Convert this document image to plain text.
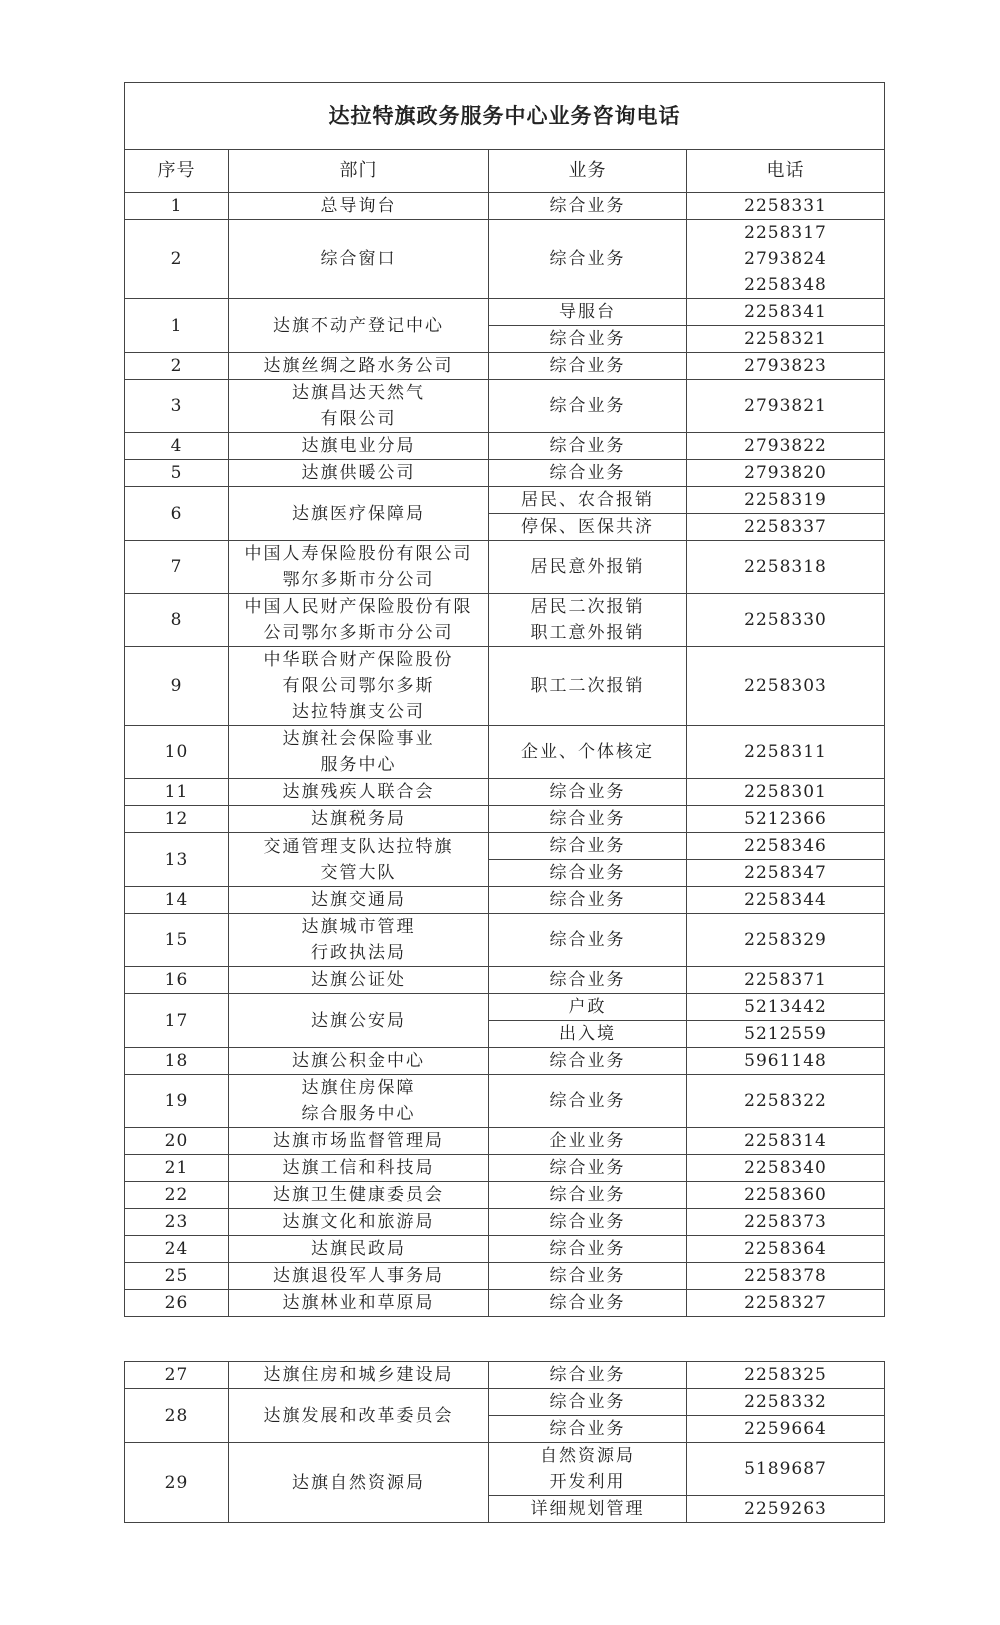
达拉特旗政务服务中心业务咨询电话			
序号	部门	业务	电话
1	总导询台	综合业务	2258331

2	综合窗口	综合业务	2258317
2793824
2258348

1	达旗不动产登记中心	导服台	2258341

		综合业务	2258321

2	达旗丝绸之路水务公司	综合业务	2793823

3	达旗昌达天然气
有限公司	综合业务	2793821

4	达旗电业分局	综合业务	2793822

5	达旗供暖公司	综合业务	2793820

6	达旗医疗保障局	居民、农合报销	2258319

		停保、医保共济	2258337

7	中国人寿保险股份有限公司
鄂尔多斯市分公司	居民意外报销	2258318

8	中国人民财产保险股份有限
公司鄂尔多斯市分公司	居民二次报销
职工意外报销	2258330

9	中华联合财产保险股份
有限公司鄂尔多斯
达拉特旗支公司	职工二次报销	2258303

10	达旗社会保险事业
服务中心	企业、个体核定	2258311

11	达旗残疾人联合会	综合业务	2258301

12	达旗税务局	综合业务	5212366

13	交通管理支队达拉特旗
交管大队	综合业务	2258346

		综合业务	2258347

14	达旗交通局	综合业务	2258344

15	达旗城市管理
行政执法局	综合业务	2258329

16	达旗公证处	综合业务	2258371

17	达旗公安局	户政	5213442

		出入境	5212559

18	达旗公积金中心	综合业务	5961148

19	达旗住房保障
综合服务中心	综合业务	2258322

20	达旗市场监督管理局	企业业务	2258314

21	达旗工信和科技局	综合业务	2258340

22	达旗卫生健康委员会	综合业务	2258360

23	达旗文化和旅游局	综合业务	2258373

24	达旗民政局	综合业务	2258364

25	达旗退役军人事务局	综合业务	2258378

26	达旗林业和草原局	综合业务	2258327
27	达旗住房和城乡建设局	综合业务	2258325

28	达旗发展和改革委员会	综合业务	2258332

		综合业务	2259664

29	达旗自然资源局	自然资源局
开发利用	5189687

		详细规划管理	2259263
